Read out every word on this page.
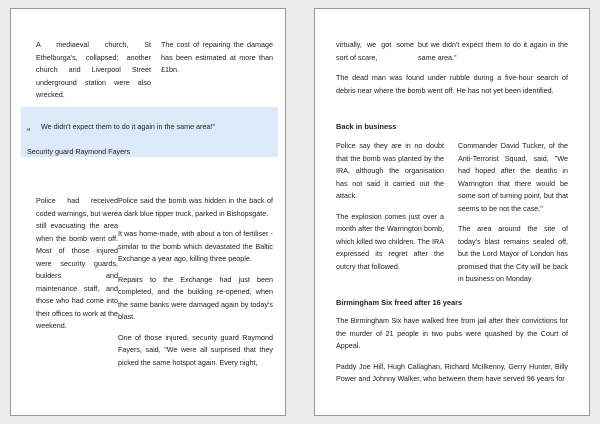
A mediaeval church, St Ethelburga's, collapsed; another church and Liverpool Street underground station were also wrecked.
The cost of repairing the damage has been estimated at more than £1bn.
“
We didn't expect them to do it again in the same area!"
Security guard Raymond Fayers
Police had received coded warnings, but were still evacuating the area when the bomb went off. Most of those injured were security guards, builders and maintenance staff, and those who had come into their offices to work at the weekend.

Police said the bomb was hidden in the back of a dark blue tipper truck, parked in Bishopsgate.

It was home-made, with about a ton of fertiliser - similar to the bomb which devastated the Baltic Exchange a year ago, killing three people.

Repairs to the Exchange had just been completed, and the building re-opened, when the same banks were damaged again by today's blast.

One of those injured, security guard Raymond Fayers, said, "We were all surprised that they picked the same hotspot again. Every night,

virtually, we got some sort of scare,
but we didn't expect them to do it again in the same area."

The dead man was found under rubble during a five-hour search of debris near where the bomb went off. He has not yet been identified.

Back in business

Police say they are in no doubt that the bomb was planted by the IRA, although the organisation has not said it carried out the attack.

The explosion comes just over a month after the Warrington bomb, which killed two children. The IRA expressed its regret after the outcry that followed.

Commander David Tucker, of the Anti-Terrorist Squad, said, "We had hoped after the deaths in Warrington that there would be some sort of turning point, but that seems to be not the case."

The area around the site of today's blast remains sealed off, but the Lord Mayor of London has promised that the City will be back in business on Monday

Birmingham Six freed after 16 years

The Birmingham Six have walked free from jail after their convictions for the murder of 21 people in two pubs were quashed by the Court of Appeal.

Paddy Joe Hill, Hugh Callaghan, Richard McIlkenny, Gerry Hunter, Billy Power and Johnny Walker, who between them have served 96 years for
